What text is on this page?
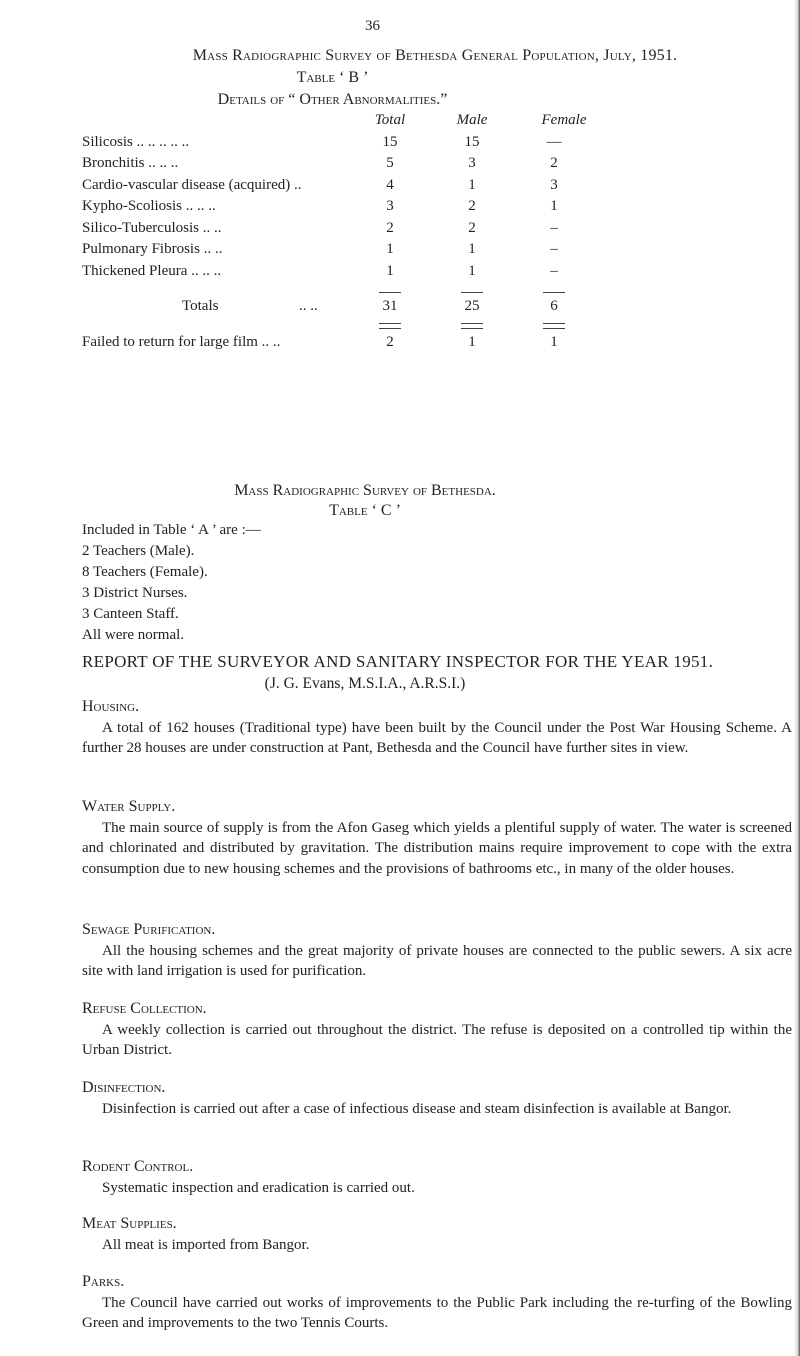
36
Mass Radiographic Survey of Bethesda General Population, July, 1951.
Table ‘ B ’
Details of “ Other Abnormalities.”
Total	Male	Female
Silicosis .. .. .. .. ..	15	15	—
Bronchitis .. .. ..	5	3	2
Cardio-vascular disease (acquired) ..	4	1	3
Kypho-Scoliosis .. .. ..	3	2	1
Silico-Tuberculosis .. ..	2	2	–
Pulmonary Fibrosis .. ..	1	1	–
Thickened Pleura .. .. ..	1	1	–
Totals	.. ..	31	25	6
Failed to return for large film .. ..	2	1	1
Mass Radiographic Survey of Bethesda.
Table ‘ C ’
Included in Table ‘ A ’ are :—
2 Teachers (Male).
8 Teachers (Female).
3 District Nurses.
3 Canteen Staff.
All were normal.
REPORT OF THE SURVEYOR AND SANITARY INSPECTOR FOR THE YEAR 1951.
(J. G. Evans, M.S.I.A., A.R.S.I.)
Housing.

A total of 162 houses (Traditional type) have been built by the Council under the Post War Housing Scheme. A further 28 houses are under construction at Pant, Bethesda and the Council have further sites in view.

Water Supply.

The main source of supply is from the Afon Gaseg which yields a plentiful supply of water. The water is screened and chlorinated and distributed by gravitation. The distribution mains require improvement to cope with the extra consumption due to new housing schemes and the provisions of bathrooms etc., in many of the older houses.

Sewage Purification.

All the housing schemes and the great majority of private houses are connected to the public sewers. A six acre site with land irrigation is used for purification.

Refuse Collection.

A weekly collection is carried out throughout the district. The refuse is deposited on a controlled tip within the Urban District.

Disinfection.

Disinfection is carried out after a case of infectious disease and steam disinfection is available at Bangor.

Rodent Control.

Systematic inspection and eradication is carried out.

Meat Supplies.

All meat is imported from Bangor.

Parks.

The Council have carried out works of improvements to the Public Park including the re-turfing of the Bowling Green and improvements to the two Tennis Courts.
